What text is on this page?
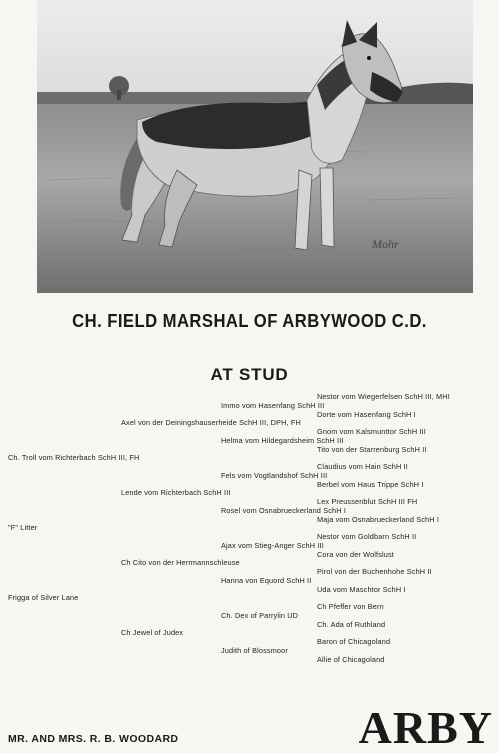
Mohr
CH. FIELD MARSHAL OF ARBYWOOD C.D.
AT STUD
Nestor vom Wiegerfelsen SchH III, MHI
Immo vom Hasenfang SchH III
Dorte vom Hasenfang SchH I
Axel von der Deiningshauserheide SchH III, DPH, FH
Gnom vom Kalsmunttor SchH III
Helma vom Hildegardsheim SchH III
Tito von der Starrenburg SchH II
Ch. Troll vom Richterbach SchH III, FH
Claudius vom Hain SchH II
Fels vom Vogtlandshof SchH III
Berbel vom Haus Trippe SchH I
Lende vom Richterbach SchH III
Lex Preussenblut SchH III FH
Rosel vom Osnabrueckerland SchH I
Maja vom Osnabrueckerland SchH I
"F" Litter
Nestor vom Goldbarn SchH II
Ajax vom Stieg-Anger SchH III
Cora von der Wolfslust
Ch Cito von der Herrmannschleuse
Pirol von der Buchenhohe SchH II
Hanna von Equord SchH II
Uda vom Maschtor SchH I
Frigga of Silver Lane
Ch Pfeffer von Bern
Ch. Dex of Parrylin UD
Ch. Ada of Ruthland
Ch Jewel of Judex
Baron of Chicagoland
Judith of Blossmoor
Allie of Chicagoland
MR. AND MRS. R. B. WOODARD	ARBY
